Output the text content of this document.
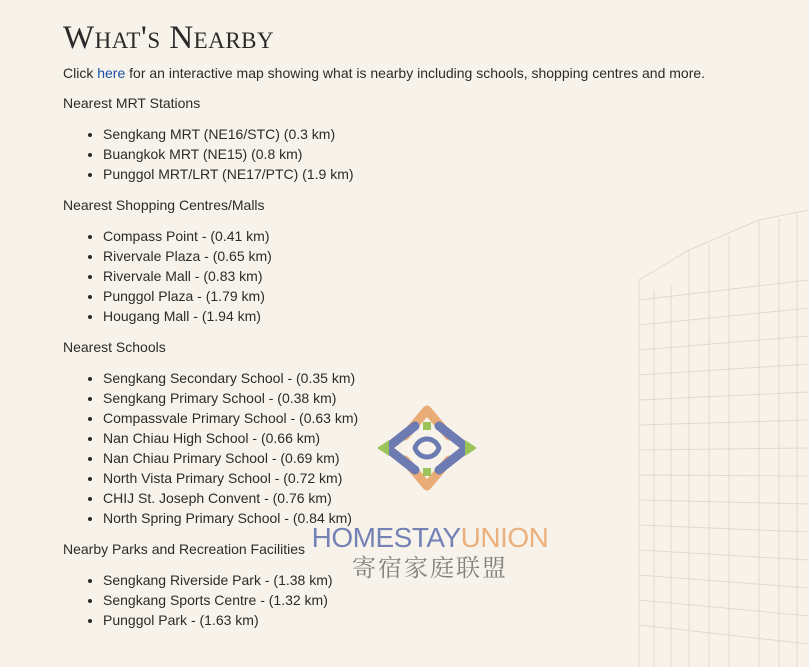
What's Nearby
Click here for an interactive map showing what is nearby including schools, shopping centres and more.
Nearest MRT Stations
• Sengkang MRT (NE16/STC) (0.3 km)
• Buangkok MRT (NE15) (0.8 km)
• Punggol MRT/LRT (NE17/PTC) (1.9 km)
Nearest Shopping Centres/Malls
• Compass Point - (0.41 km)
• Rivervale Plaza - (0.65 km)
• Rivervale Mall - (0.83 km)
• Punggol Plaza - (1.79 km)
• Hougang Mall - (1.94 km)
Nearest Schools
• Sengkang Secondary School - (0.35 km)
• Sengkang Primary School - (0.38 km)
• Compassvale Primary School - (0.63 km)
• Nan Chiau High School - (0.66 km)
• Nan Chiau Primary School - (0.69 km)
• North Vista Primary School - (0.72 km)
• CHIJ St. Joseph Convent - (0.76 km)
• North Spring Primary School - (0.84 km)
Nearby Parks and Recreation Facilities
• Sengkang Riverside Park - (1.38 km)
• Sengkang Sports Centre - (1.32 km)
• Punggol Park - (1.63 km)
HOMESTAYUNION
寄宿家庭联盟
